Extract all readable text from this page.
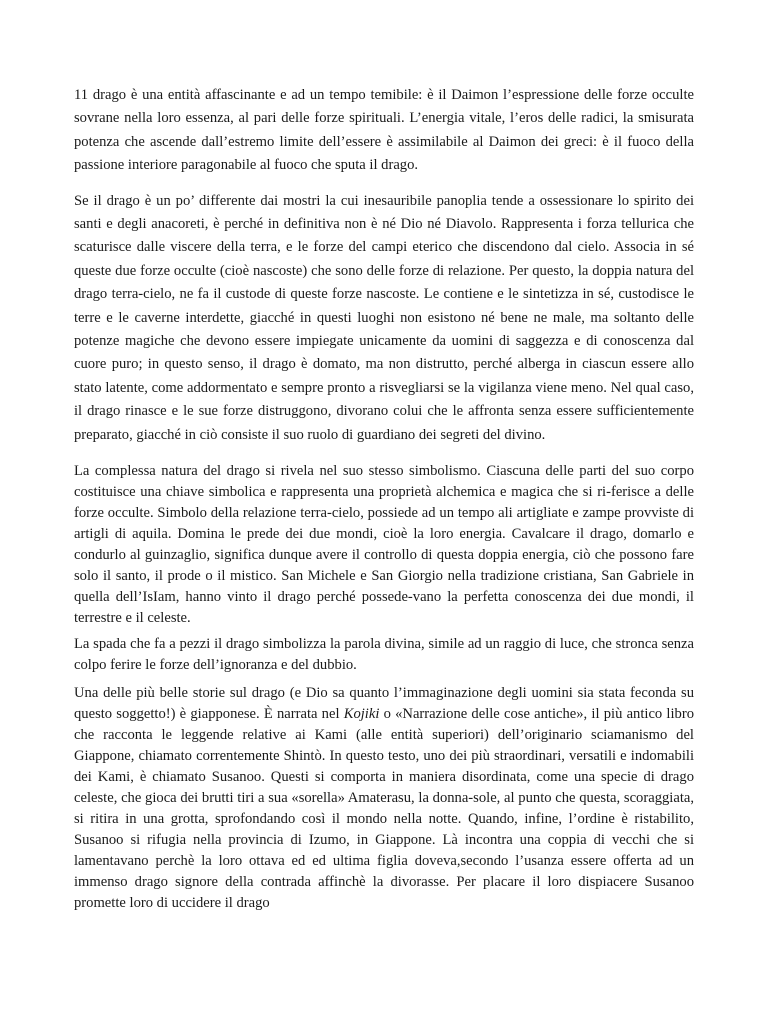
11 drago è una entità affascinante e ad un tempo temibile: è il Daimon l’espressione delle forze occulte sovrane nella loro essenza, al pari delle forze spirituali. L’energia vitale, l’eros delle radici, la smisurata potenza che ascende dall’estremo limite dell’essere è assimilabile al Daimon dei greci: è il fuoco della passione interiore paragonabile al fuoco che sputa il drago.

Se il drago è un po’ differente dai mostri la cui inesauribile panoplia tende a ossessionare lo spirito dei santi e degli anacoreti, è perché in definitiva non è né Dio né Diavolo. Rappresenta i forza tellurica che scaturisce dalle viscere della terra, e le forze del campi eterico che discendono dal cielo. Associa in sé queste due forze occulte (cioè nascoste) che sono delle forze di relazione. Per questo, la doppia natura del drago terra-cielo, ne fa il custode di queste forze nascoste. Le contiene e le sintetizza in sé, custodisce le terre e le caverne interdette, giacché in questi luoghi non esistono né bene ne male, ma soltanto delle potenze magiche che devono essere impiegate unicamente da uomini di saggezza e di conoscenza dal cuore puro; in questo senso, il drago è domato, ma non distrutto, perché alberga in ciascun essere allo stato latente, come addormentato e sempre pronto a risvegliarsi se la vigilanza viene meno. Nel qual caso, il drago rinasce e le sue forze distruggono, divorano colui che le affronta senza essere sufficientemente preparato, giacché in ciò consiste il suo ruolo di guardiano dei segreti del divino.

La complessa natura del drago si rivela nel suo stesso simbolismo. Ciascuna delle parti del suo corpo costituisce una chiave simbolica e rappresenta una proprietà alchemica e magica che si ri-ferisce a delle forze occulte. Simbolo della relazione terra-cielo, possiede ad un tempo ali artigliate e zampe provviste di artigli di aquila. Domina le prede dei due mondi, cioè la loro energia. Cavalcare il drago, domarlo e condurlo al guinzaglio, significa dunque avere il controllo di questa doppia energia, ciò che possono fare solo il santo, il prode o il mistico. San Michele e San Giorgio nella tradizione cristiana, San Gabriele in quella dell’IsIam, hanno vinto il drago perché possede-vano la perfetta conoscenza dei due mondi, il terrestre e il celeste.

La spada che fa a pezzi il drago simbolizza la parola divina, simile ad un raggio di luce, che stronca senza colpo ferire le forze dell’ignoranza e del dubbio.

Una delle più belle storie sul drago (e Dio sa quanto l’immaginazione degli uomini sia stata feconda su questo soggetto!) è giapponese. È narrata nel Kojiki o «Narrazione delle cose antiche», il più antico libro che racconta le leggende relative ai Kami (alle entità superiori) dell’originario sciamanismo del Giappone, chiamato correntemente Shintò. In questo testo, uno dei più straordinari, versatili e indomabili dei Kami, è chiamato Susanoo. Questi si comporta in maniera disordinata, come una specie di drago celeste, che gioca dei brutti tiri a sua «sorella» Amaterasu, la donna-sole, al punto che questa, scoraggiata, si ritira in una grotta, sprofondando così il mondo nella notte. Quando, infine, l’ordine è ristabilito, Susanoo si rifugia nella provincia di Izumo, in Giappone. Là incontra una coppia di vecchi che si lamentavano perchè la loro ottava ed ed ultima figlia doveva,secondo l’usanza essere offerta ad un immenso drago signore della contrada affinchè la divorasse. Per placare il loro dispiacere Susanoo promette loro di uccidere il drago
